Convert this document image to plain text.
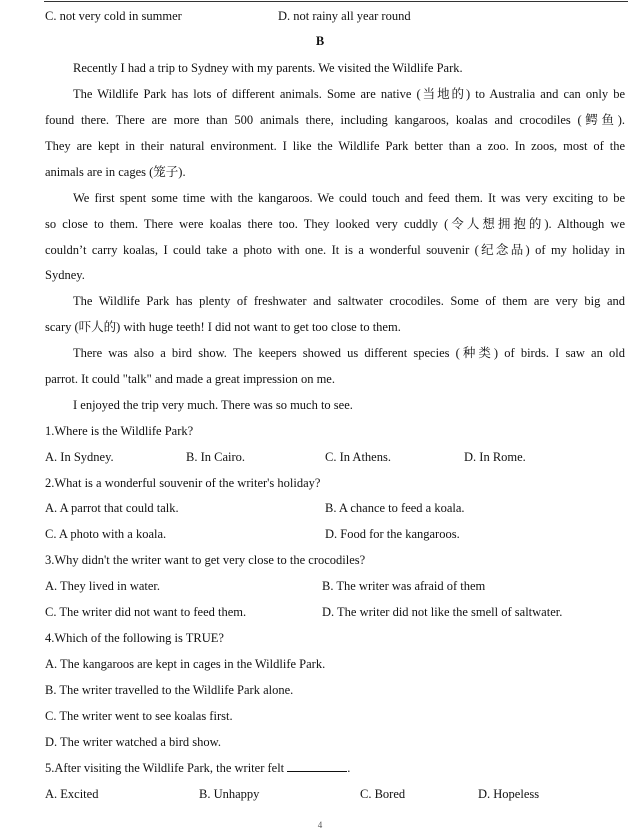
C. not very cold in summer	D. not rainy all year round
B
Recently I had a trip to Sydney with my parents. We visited the Wildlife Park.
The Wildlife Park has lots of different animals. Some are native (当地的) to Australia and can only be
found there. There are more than 500 animals there, including kangaroos, koalas and crocodiles (鳄鱼).
They are kept in their natural environment. I like the Wildlife Park better than a zoo. In zoos, most of the
animals are in cages (笼子).
We first spent some time with the kangaroos. We could touch and feed them. It was very exciting to be
so close to them. There were koalas there too. They looked very cuddly (令人想拥抱的). Although we
couldn’t carry koalas, I could take a photo with one. It is a wonderful souvenir (纪念品) of my holiday in
Sydney.
The Wildlife Park has plenty of freshwater and saltwater crocodiles. Some of them are very big and
scary (吓人的) with huge teeth! I did not want to get too close to them.
There was also a bird show. The keepers showed us different species (种类) of birds. I saw an old
parrot. It could "talk" and made a great impression on me.
I enjoyed the trip very much. There was so much to see.
1.Where is the Wildlife Park?
A. In Sydney.	B. In Cairo.	C. In Athens.	D. In Rome.
2.What is a wonderful souvenir of the writer's holiday?
A. A parrot that could talk.	B. A chance to feed a koala.
C. A photo with a koala.	D. Food for the kangaroos.
3.Why didn't the writer want to get very close to the crocodiles?
A. They lived in water.	B. The writer was afraid of them
C. The writer did not want to feed them.	D. The writer did not like the smell of saltwater.
4.Which of the following is TRUE?
A. The kangaroos are kept in cages in the Wildlife Park.
B. The writer travelled to the Wildlife Park alone.
C. The writer went to see koalas first.
D. The writer watched a bird show.
5.After visiting the Wildlife Park, the writer felt	.
A. Excited	B. Unhappy	C. Bored	D. Hopeless
4
